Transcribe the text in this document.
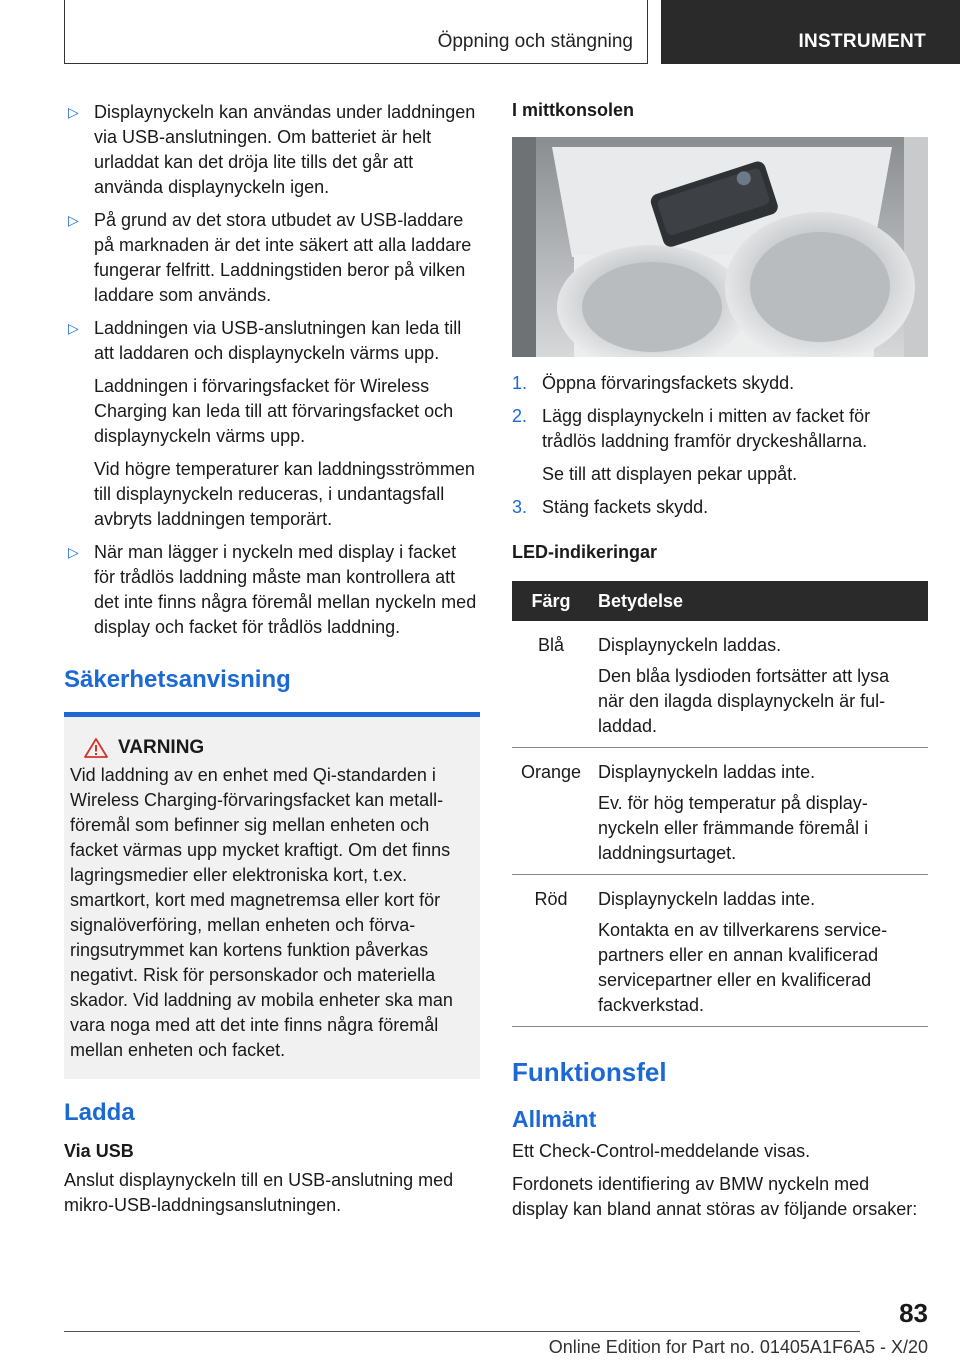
Öppning och stängning	INSTRUMENT
▷ Displaynyckeln kan användas under laddningen via USB-anslutningen. Om batteriet är helt urladdat kan det dröja lite tills det går att använda displaynyckeln igen.
▷ På grund av det stora utbudet av USB-laddare på marknaden är det inte säkert att alla laddare fungerar felfritt. Laddningstiden beror på vilken laddare som används.
▷ Laddningen via USB-anslutningen kan leda till att laddaren och displaynyckeln värms upp.
Laddningen i förvaringsfacket för Wireless Charging kan leda till att förvaringsfacket och displaynyckeln värms upp.
Vid högre temperaturer kan laddningsströmmen till displaynyckeln reduceras, i undantagsfall avbryts laddningen temporärt.
▷ När man lägger i nyckeln med display i facket för trådlös laddning måste man kontrollera att det inte finns några föremål mellan nyckeln med display och facket för trådlös laddning.
Säkerhetsanvisning
VARNING
Vid laddning av en enhet med Qi-standarden i Wireless Charging-förvaringsfacket kan metallföremål som befinner sig mellan enheten och facket värmas upp mycket kraftigt. Om det finns lagringsmedier eller elektroniska kort, t.ex. smartkort, kort med magnetremsa eller kort för signalöverföring, mellan enheten och förvaringsutrymmet kan kortens funktion påverkas negativt. Risk för personskador och materiella skador. Vid laddning av mobila enheter ska man vara noga med att det inte finns några föremål mellan enheten och facket.
Ladda
Via USB
Anslut displaynyckeln till en USB-anslutning med mikro-USB-laddningsanslutningen.
I mittkonsolen
1. Öppna förvaringsfackets skydd.
2. Lägg displaynyckeln i mitten av facket för trådlös laddning framför dryckeshållarna.
Se till att displayen pekar uppåt.
3. Stäng fackets skydd.
LED-indikeringar
Färg	Betydelse
Blå	Displaynyckeln laddas.
Den blåa lysdioden fortsätter att lysa när den ilagda displaynyckeln är fulladdad.

Orange	Displaynyckeln laddas inte.
Ev. för hög temperatur på displaynyckeln eller främmande föremål i laddningsurtaget.

Röd	Displaynyckeln laddas inte.
Kontakta en av tillverkarens servicepartners eller en annan kvalificerad servicepartner eller en kvalificerad fackverkstad.
Funktionsfel
Allmänt
Ett Check-Control-meddelande visas.
Fordonets identifiering av BMW nyckeln med display kan bland annat störas av följande orsaker:
83
Online Edition for Part no. 01405A1F6A5 - X/20
